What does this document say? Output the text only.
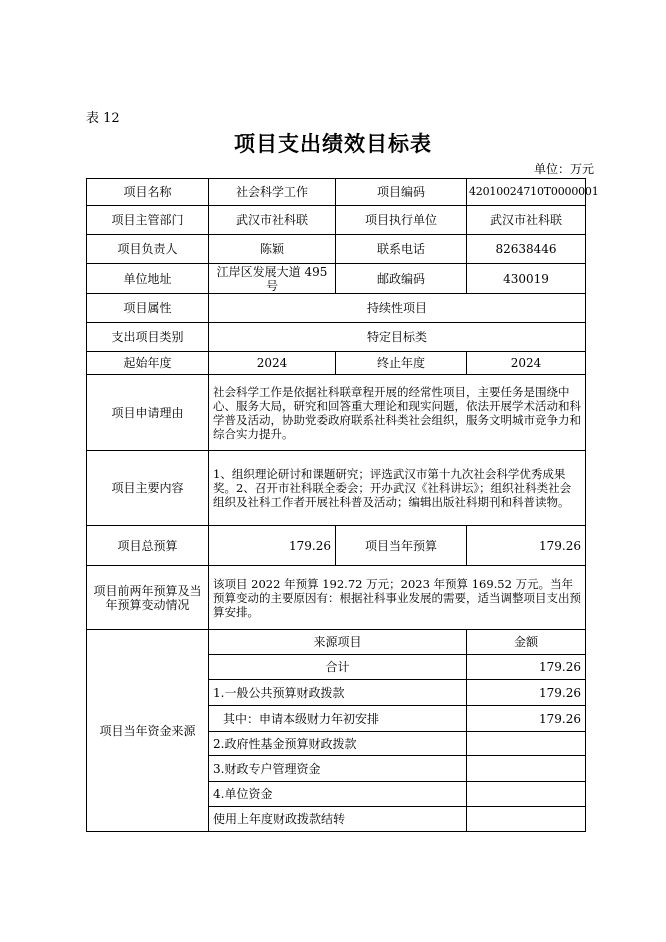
表 12
项目支出绩效目标表
单位：万元
项目名称	社会科学工作	项目编码	42010024710T0000001
项目主管部门	武汉市社科联	项目执行单位	武汉市社科联
项目负责人	陈颖	联系电话	82638446
单位地址	江岸区发展大道 495 号	邮政编码	430019
项目属性	持续性项目		
支出项目类别	特定目标类		
起始年度	2024	终止年度	2024
项目申请理由	社会科学工作是依据社科联章程开展的经常性项目，主要任务是围绕中心、服务大局，研究和回答重大理论和现实问题，依法开展学术活动和科学普及活动，协助党委政府联系社科类社会组织，服务文明城市竞争力和综合实力提升。		
项目主要内容	1、组织理论研讨和课题研究；评选武汉市第十九次社会科学优秀成果奖。2、召开市社科联全委会；开办武汉《社科讲坛》；组织社科类社会组织及社科工作者开展社科普及活动；编辑出版社科期刊和科普读物。		
项目总预算	179.26	项目当年预算	179.26
项目前两年预算及当年预算变动情况	该项目 2022 年预算 192.72 万元；2023 年预算 169.52 万元。当年预算变动的主要原因有：根据社科事业发展的需要，适当调整项目支出预算安排。		
项目当年资金来源	来源项目		金额
	合计		179.26
	1.一般公共预算财政拨款		179.26
	其中：申请本级财力年初安排		179.26
	2.政府性基金预算财政拨款		
	3.财政专户管理资金		
	4.单位资金		
	使用上年度财政拨款结转		
